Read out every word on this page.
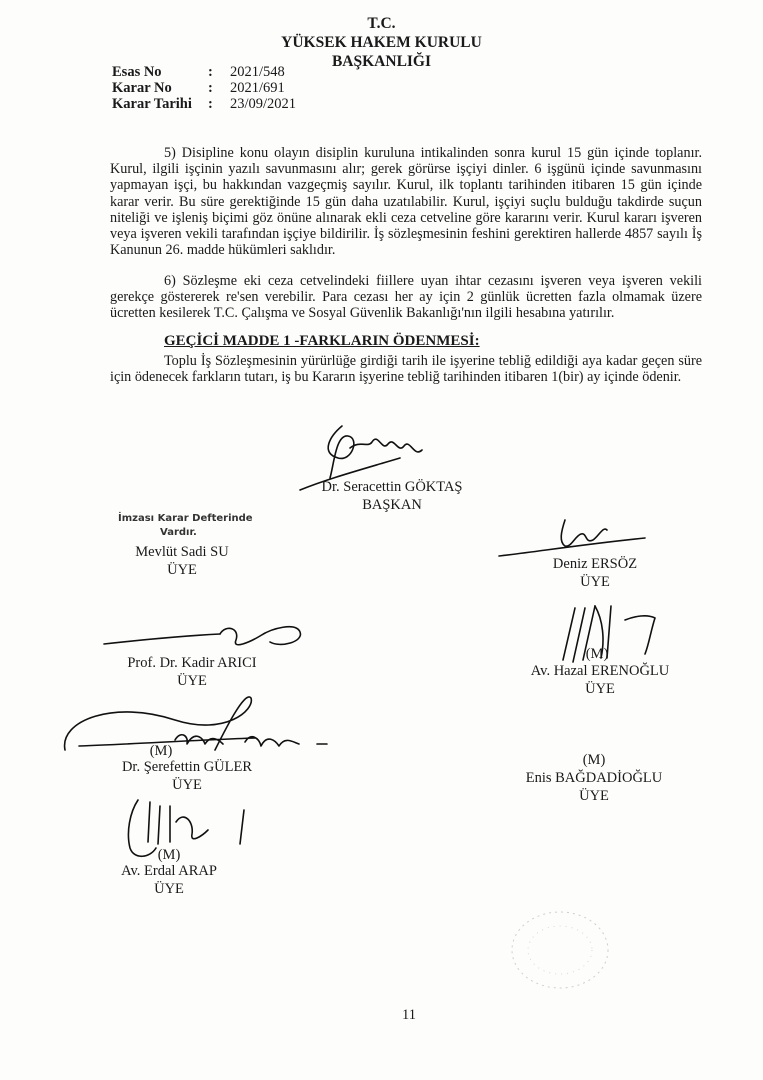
T.C.
YÜKSEK HAKEM KURULU
BAŞKANLIĞI
Esas No	: 2021/548
Karar No	: 2021/691
Karar Tarihi : 23/09/2021

5) Disipline konu olayın disiplin kuruluna intikalinden sonra kurul 15 gün içinde toplanır. Kurul, ilgili işçinin yazılı savunmasını alır; gerek görürse işçiyi dinler. 6 işgünü içinde savunmasını yapmayan işçi, bu hakkından vazgeçmiş sayılır. Kurul, ilk toplantı tarihinden itibaren 15 gün içinde karar verir. Bu süre gerektiğinde 15 gün daha uzatılabilir. Kurul, işçiyi suçlu bulduğu takdirde suçun niteliği ve işleniş biçimi göz önüne alınarak ekli ceza cetveline göre kararını verir. Kurul kararı işveren veya işveren vekili tarafından işçiye bildirilir. İş sözleşmesinin feshini gerektiren hallerde 4857 sayılı İş Kanunun 26. madde hükümleri saklıdır.

6) Sözleşme eki ceza cetvelindeki fiillere uyan ihtar cezasını işveren veya işveren vekili gerekçe göstererek re'sen verebilir. Para cezası her ay için 2 günlük ücretten fazla olmamak üzere ücretten kesilerek T.C. Çalışma ve Sosyal Güvenlik Bakanlığı'nın ilgili hesabına yatırılır.

GEÇİCİ MADDE 1 -FARKLARIN ÖDENMESİ:

Toplu İş Sözleşmesinin yürürlüğe girdiği tarih ile işyerine tebliğ edildiği aya kadar geçen süre için ödenecek farkların tutarı, iş bu Kararın işyerine tebliğ tarihinden itibaren 1(bir) ay içinde ödenir.

Dr. Seracettin GÖKTAŞ
BAŞKAN
İmzası Karar Defterinde
Vardır.
Mevlüt Sadi SU
ÜYE	Deniz ERSÖZ
ÜYE
Prof. Dr. Kadir ARICI
ÜYE
(M)
Av. Hazal ERENOĞLU
ÜYE
(M)
Dr. Şerefettin GÜLER
ÜYE
(M)
Enis BAĞDADİOĞLU
ÜYE
(M)
Av. Erdal ARAP
ÜYE
11
